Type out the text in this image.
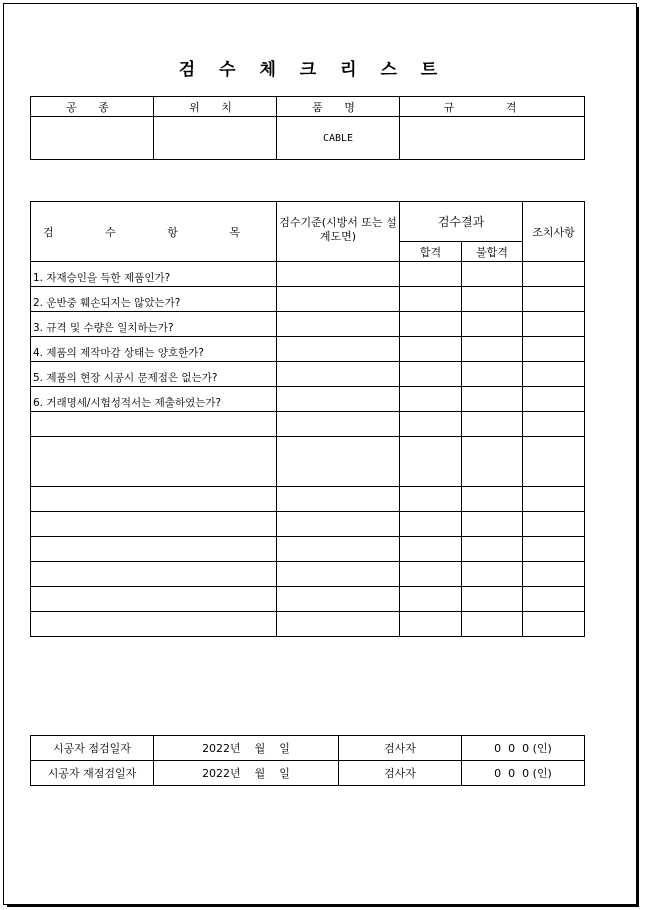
검 수 체 크 리 스 트
공 종	위 치	품 명	규 격
		CABLE	
검 수 항 목	검수기준(시방서 또는 설계도면)	검수결과		조치사항
		합격	불합격	
1. 자재승인을 득한 제품인가?				
2. 운반중 훼손되지는 않았는가?				
3. 규격 및 수량은 일치하는가?				
4. 제품의 제작마감 상태는 양호한가?				
5. 제품의 현장 시공시 문제점은 없는가?				
6. 거래명세/시험성적서는 제출하였는가?				

시공자 점검일자	2022년    월    일	검사자	0  0  0 (인)
시공자 재점검일자	2022년    월    일	검사자	0  0  0 (인)
